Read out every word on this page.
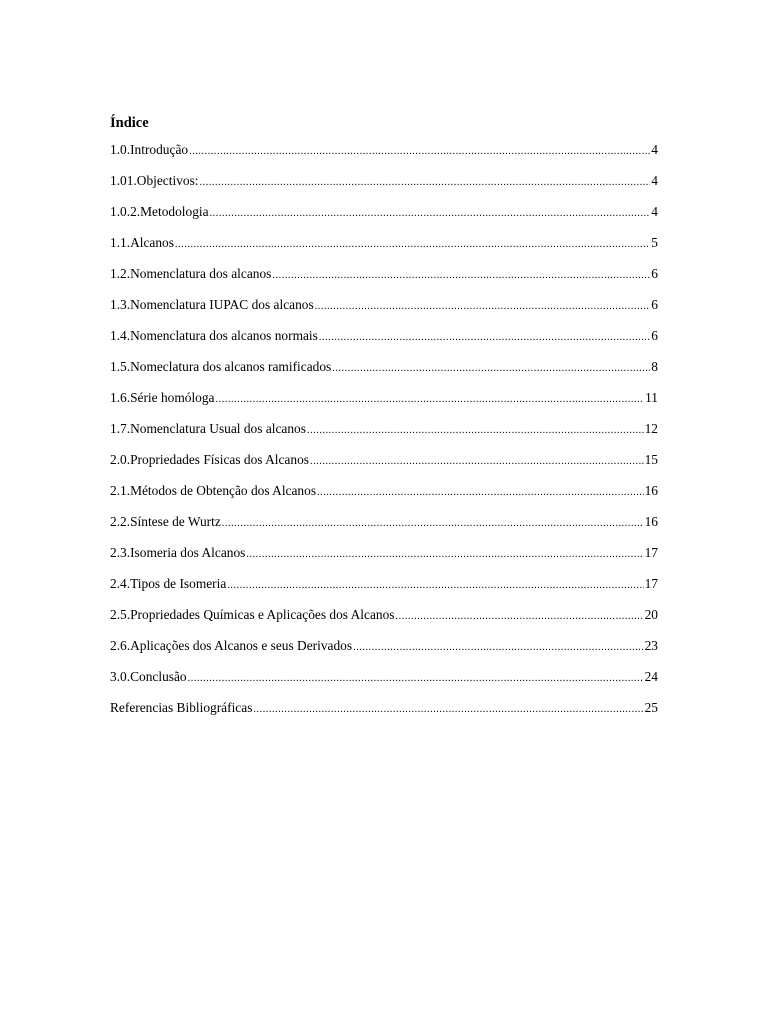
Índice
1.0.Introdução .....	4
1.01.Objectivos: .....	4
1.0.2.Metodologia .....	4
1.1.Alcanos .....	5
1.2.Nomenclatura dos alcanos .....	6
1.3.Nomenclatura IUPAC dos alcanos .....	6
1.4.Nomenclatura dos alcanos normais .....	6
1.5.Nomeclatura dos alcanos ramificados .....	8
1.6.Série homóloga .....	11
1.7.Nomenclatura Usual dos alcanos .....	12
2.0.Propriedades Físicas dos Alcanos .....	15
2.1.Métodos de Obtenção dos Alcanos .....	16
2.2.Síntese de Wurtz .....	16
2.3.Isomeria dos Alcanos .....	17
2.4.Tipos de Isomeria .....	17
2.5.Propriedades Químicas e Aplicações dos Alcanos .....	20
2.6.Aplicações dos Alcanos e seus Derivados .....	23
3.0.Conclusão .....	24
Referencias Bibliográficas .....	25
